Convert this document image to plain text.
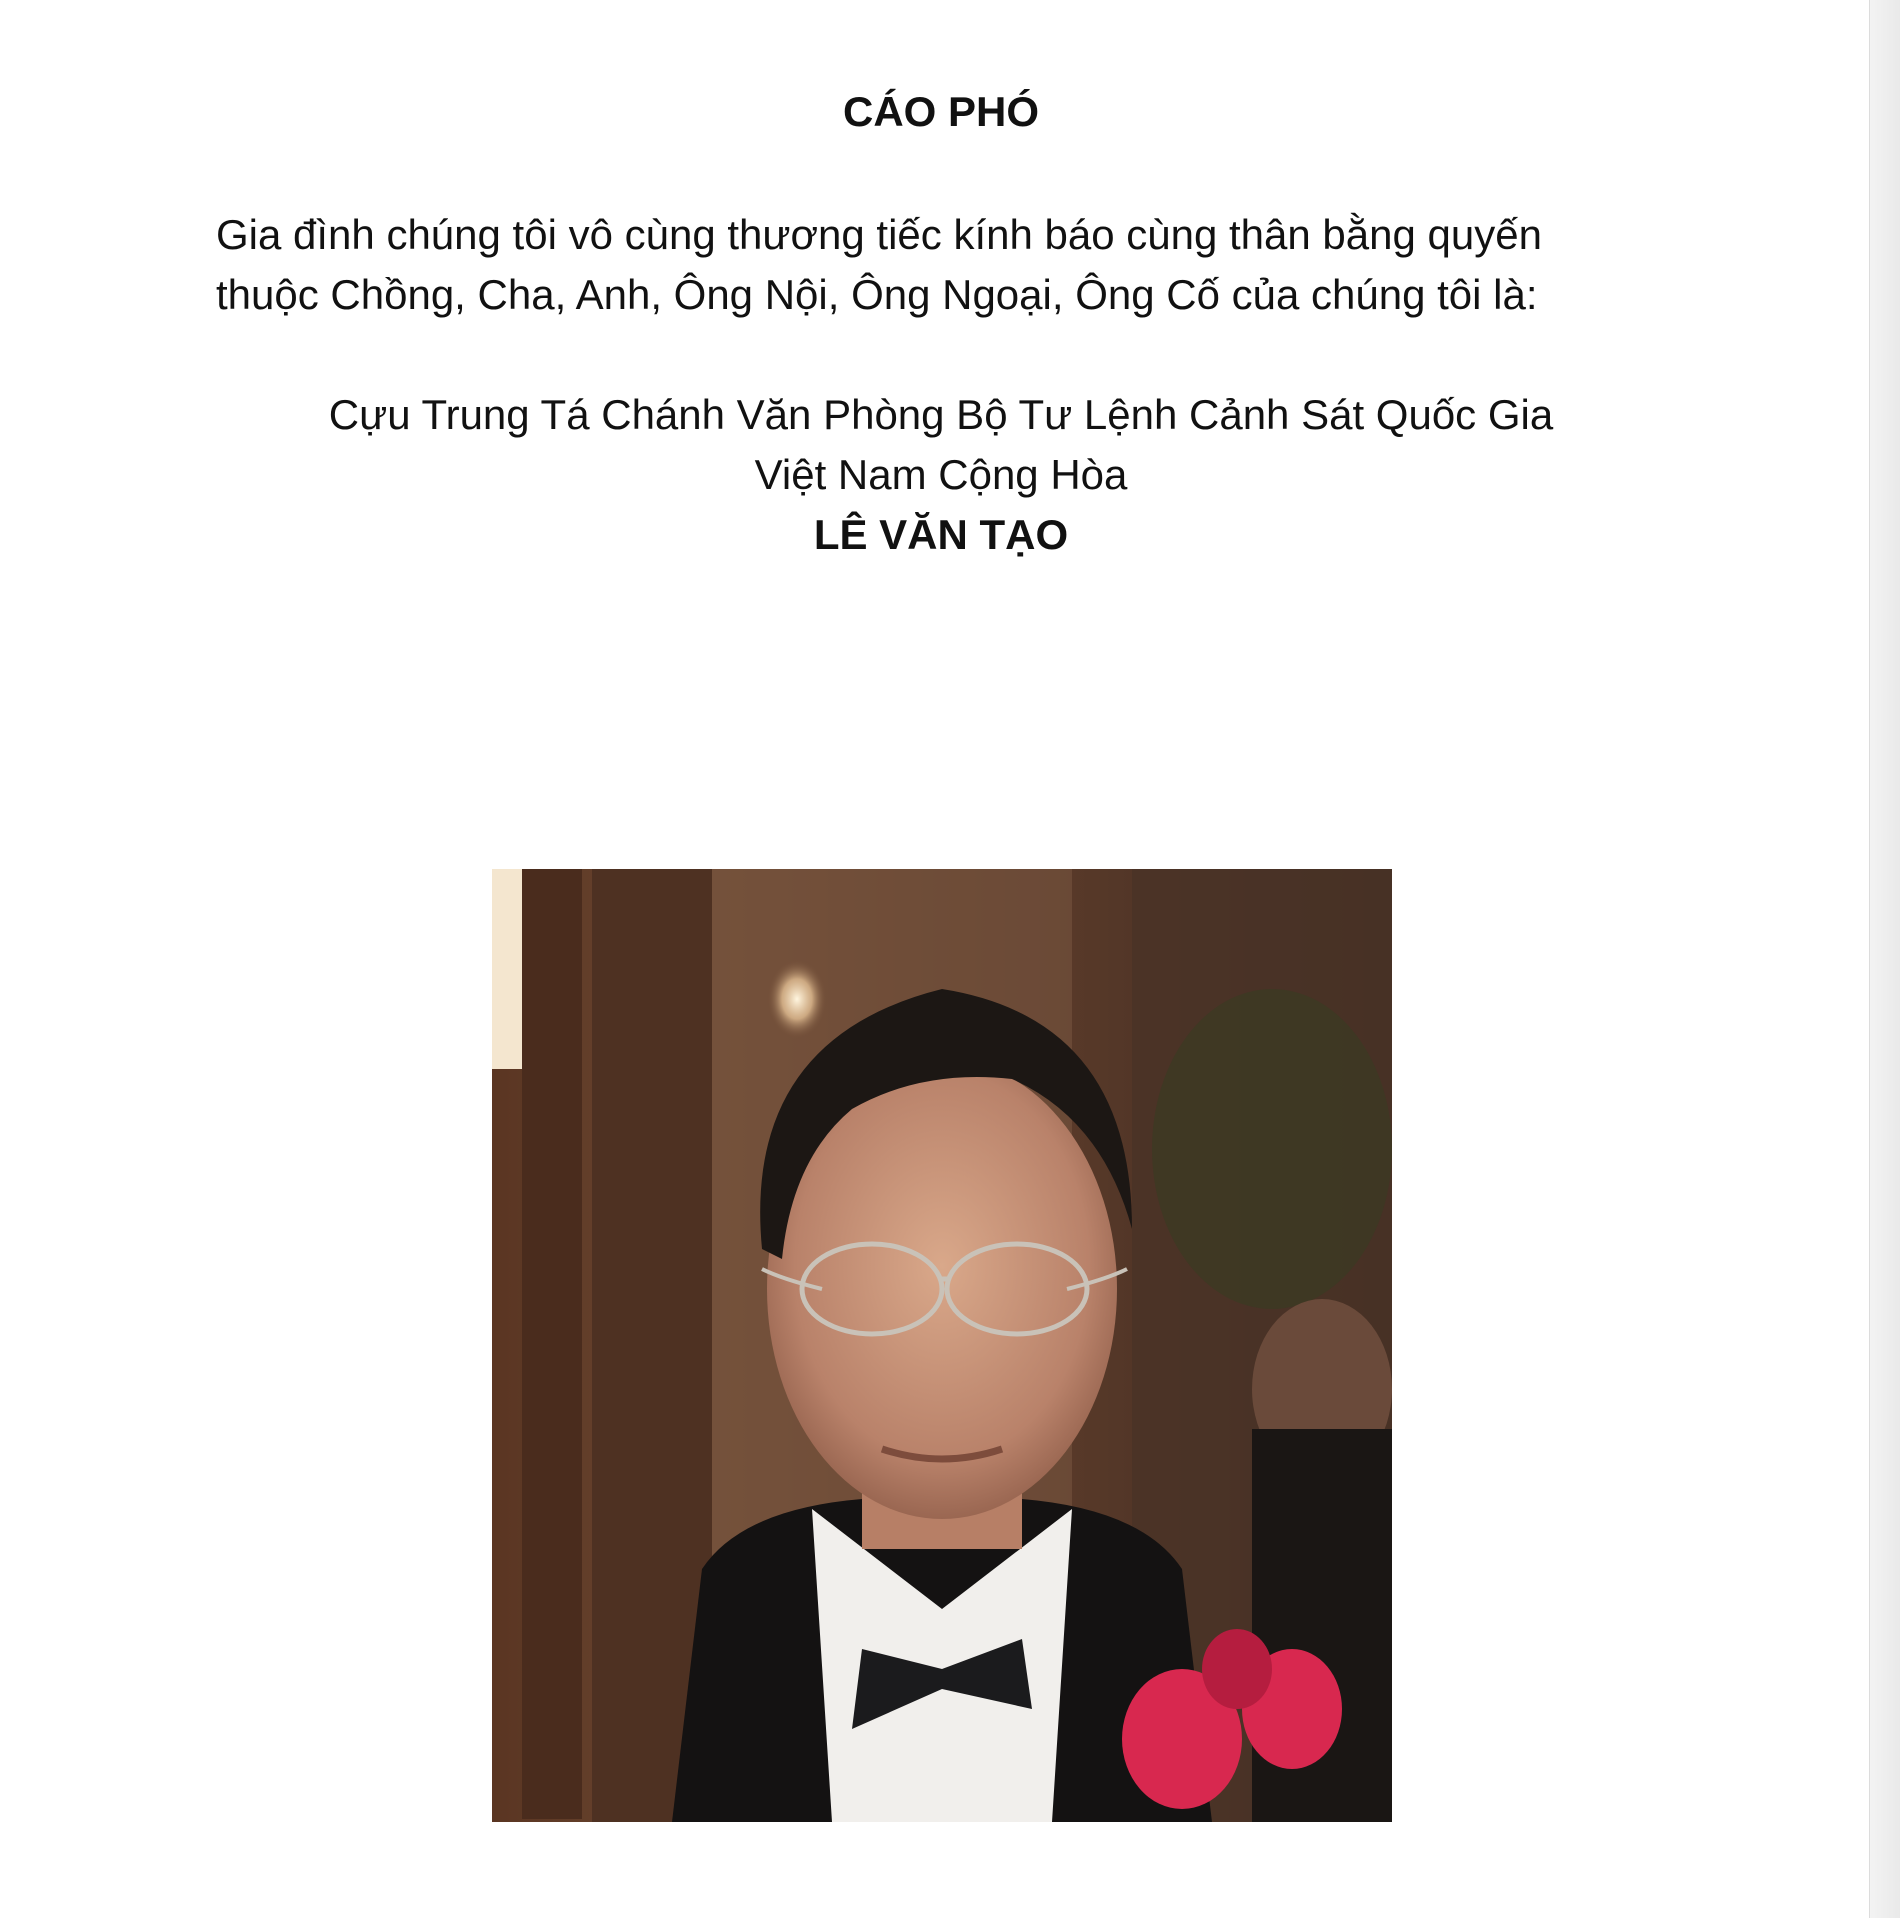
CÁO PHÓ

Gia đình chúng tôi vô cùng thương tiếc kính báo cùng thân bằng quyến
thuộc Chồng, Cha, Anh, Ông Nội, Ông Ngoại, Ông Cố của chúng tôi là:

Cựu Trung Tá Chánh Văn Phòng Bộ Tư Lệnh Cảnh Sát Quốc Gia
Việt Nam Cộng Hòa
LÊ VĂN TẠO
